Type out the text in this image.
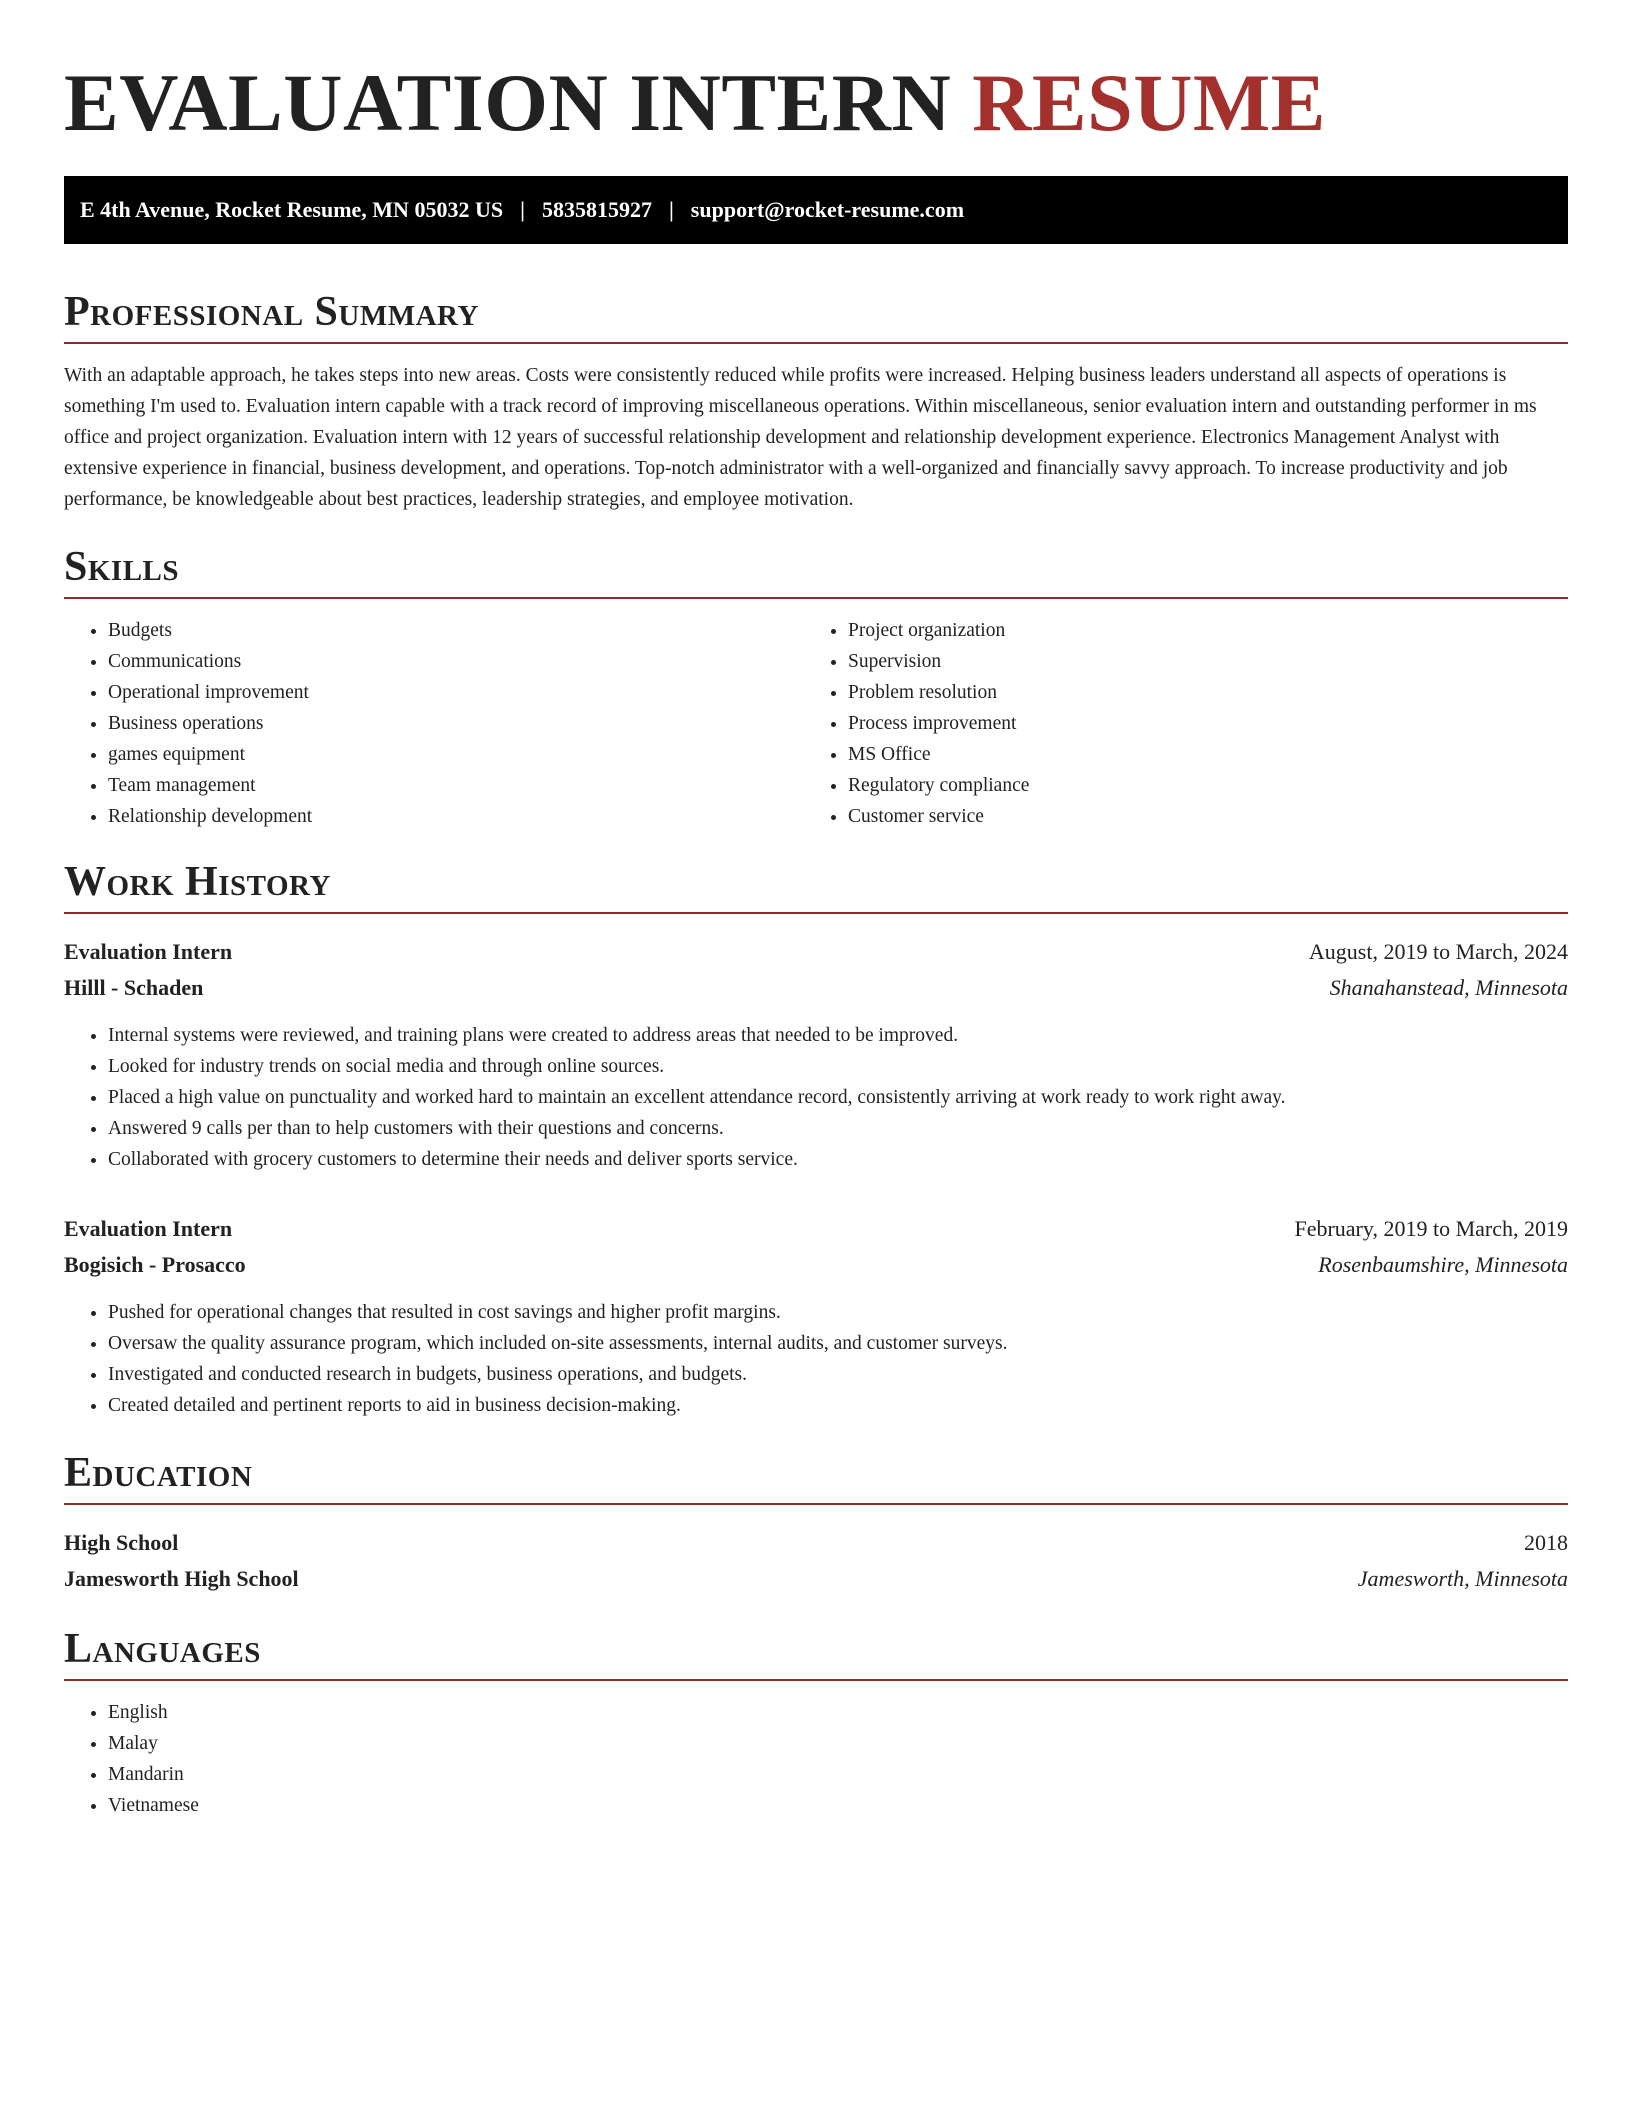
EVALUATION INTERN RESUME
E 4th Avenue, Rocket Resume, MN 05032 US | 5835815927 | support@rocket-resume.com
Professional Summary

With an adaptable approach, he takes steps into new areas. Costs were consistently reduced while profits were increased. Helping business leaders understand all aspects of operations is something I'm used to. Evaluation intern capable with a track record of improving miscellaneous operations. Within miscellaneous, senior evaluation intern and outstanding performer in ms office and project organization. Evaluation intern with 12 years of successful relationship development and relationship development experience. Electronics Management Analyst with extensive experience in financial, business development, and operations. Top-notch administrator with a well-organized and financially savvy approach. To increase productivity and job performance, be knowledgeable about best practices, leadership strategies, and employee motivation.

Skills
• Budgets
• Communications
• Operational improvement
• Business operations
• games equipment
• Team management
• Relationship development
• Project organization
• Supervision
• Problem resolution
• Process improvement
• MS Office
• Regulatory compliance
• Customer service
Work History
Evaluation Intern	August, 2019 to March, 2024
Hilll - Schaden	Shanahanstead, Minnesota
• Internal systems were reviewed, and training plans were created to address areas that needed to be improved.
• Looked for industry trends on social media and through online sources.
• Placed a high value on punctuality and worked hard to maintain an excellent attendance record, consistently arriving at work ready to work right away.
• Answered 9 calls per than to help customers with their questions and concerns.
• Collaborated with grocery customers to determine their needs and deliver sports service.
Evaluation Intern	February, 2019 to March, 2019
Bogisich - Prosacco	Rosenbaumshire, Minnesota
• Pushed for operational changes that resulted in cost savings and higher profit margins.
• Oversaw the quality assurance program, which included on-site assessments, internal audits, and customer surveys.
• Investigated and conducted research in budgets, business operations, and budgets.
• Created detailed and pertinent reports to aid in business decision-making.
Education
High School	2018
Jamesworth High School	Jamesworth, Minnesota
Languages
• English
• Malay
• Mandarin
• Vietnamese
